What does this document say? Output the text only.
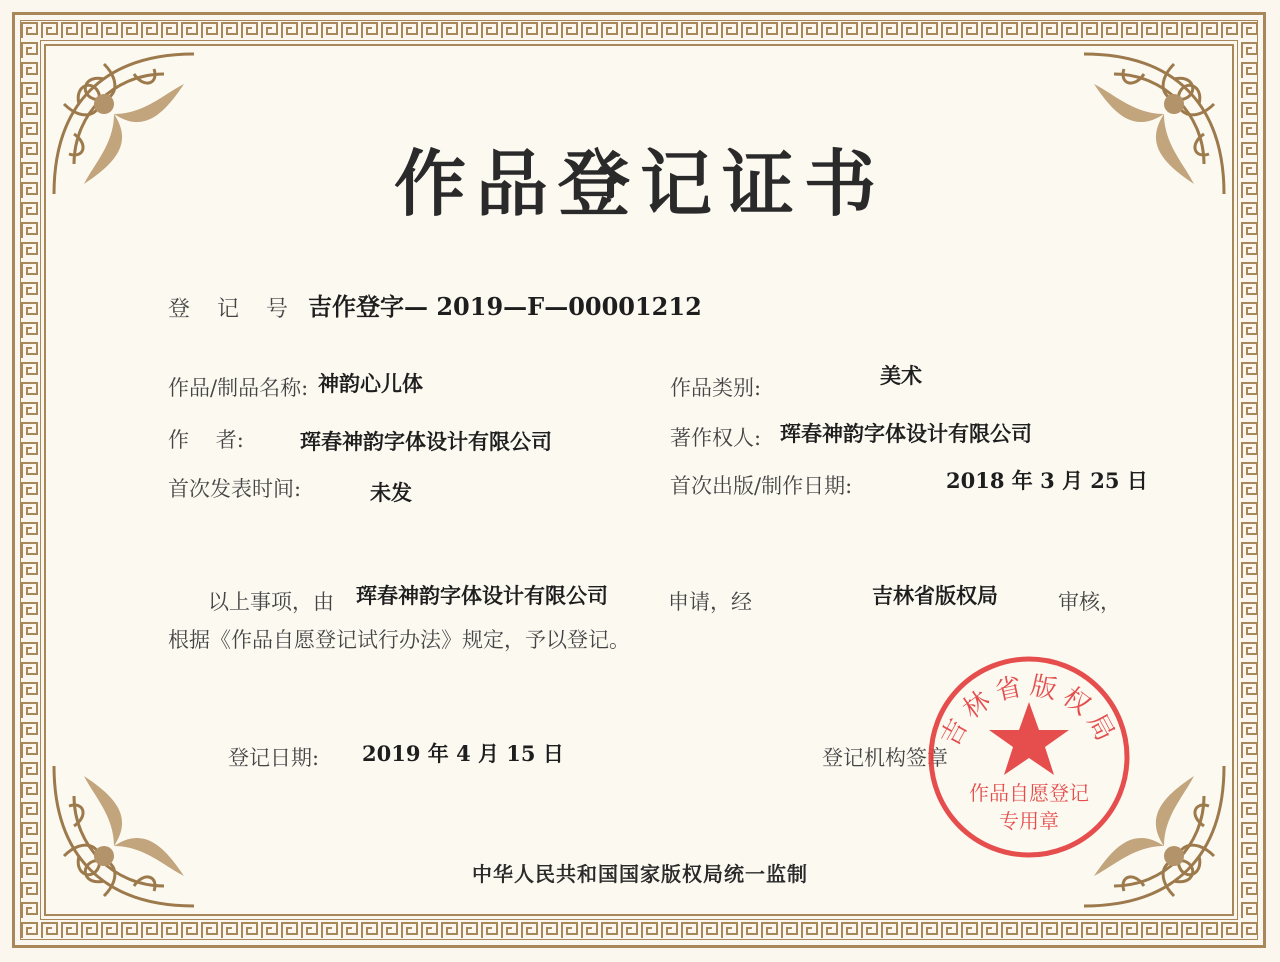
作品登记证书
登 记 号 ：
吉作登字— 2019—F—00001212
作品/制品名称: 神韵心儿体	作品类别:	美术
作    者:	珲春神韵字体设计有限公司	著作权人: 珲春神韵字体设计有限公司
首次发表时间:	未发	首次出版/制作日期:	2018 年 3 月 25 日
以上事项，由 珲春神韵字体设计有限公司	申请，经	吉林省版权局	审核，
根据《作品自愿登记试行办法》规定，予以登记。
登记日期: 2019 年 4 月 15 日	登记机构签章
吉林省版权局
作品自愿登记
专用章
中华人民共和国国家版权局统一监制
